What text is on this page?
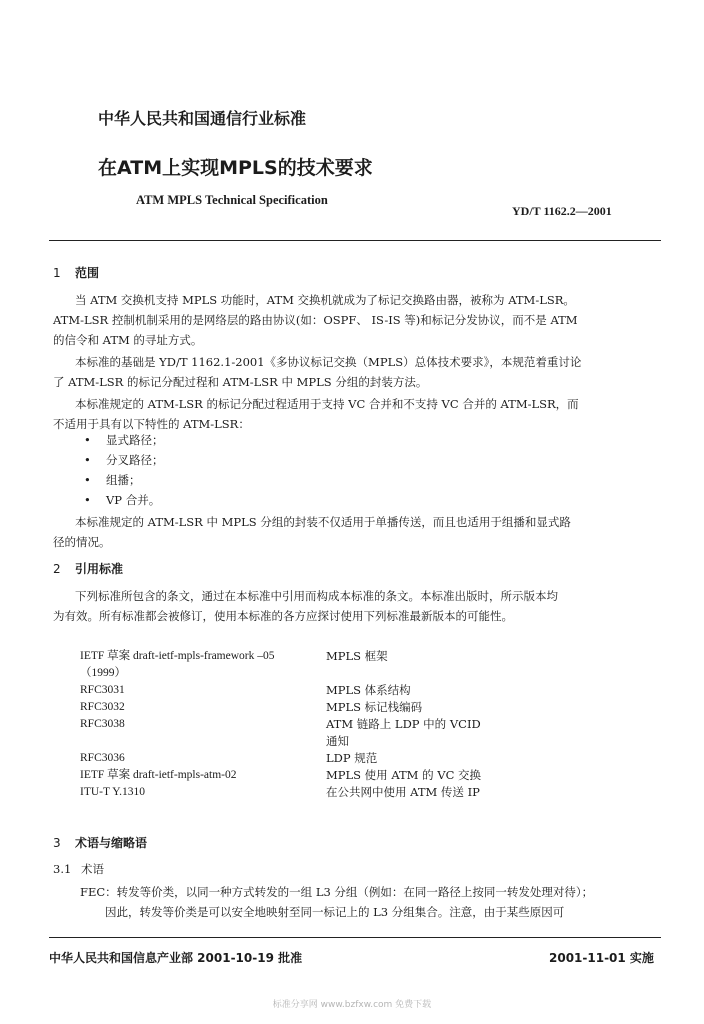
中华人民共和国通信行业标准
在ATM上实现MPLS的技术要求
ATM MPLS Technical Specification
YD/T 1162.2—2001
1 范围
当 ATM 交换机支持 MPLS 功能时，ATM 交换机就成为了标记交换路由器，被称为 ATM-LSR。
ATM-LSR 控制机制采用的是网络层的路由协议(如：OSPF、 IS-IS 等)和标记分发协议，而不是 ATM
的信令和 ATM 的寻址方式。
本标准的基础是 YD/T 1162.1-2001《多协议标记交换（MPLS）总体技术要求》，本规范着重讨论
了 ATM-LSR 的标记分配过程和 ATM-LSR 中 MPLS 分组的封装方法。
本标准规定的 ATM-LSR 的标记分配过程适用于支持 VC 合并和不支持 VC 合并的 ATM-LSR，而
不适用于具有以下特性的 ATM-LSR：
• 显式路径；
• 分叉路径；
• 组播；
• VP 合并。
本标准规定的 ATM-LSR 中 MPLS 分组的封装不仅适用于单播传送，而且也适用于组播和显式路
径的情况。
2 引用标准
下列标准所包含的条文，通过在本标准中引用而构成本标准的条文。本标准出版时，所示版本均
为有效。所有标准都会被修订，使用本标准的各方应探讨使用下列标准最新版本的可能性。
IETF 草案 draft-ietf-mpls-framework –05	MPLS 框架
（1999）	
RFC3031	MPLS 体系结构
RFC3032	MPLS 标记栈编码
RFC3038	ATM 链路上 LDP 中的 VCID
	通知
RFC3036	LDP 规范
IETF 草案 draft-ietf-mpls-atm-02	MPLS 使用 ATM 的 VC 交换
ITU-T Y.1310	在公共网中使用 ATM 传送 IP
3 术语与缩略语
3.1 术语
FEC：转发等价类，以同一种方式转发的一组 L3 分组（例如：在同一路径上按同一转发处理对待）；
因此，转发等价类是可以安全地映射至同一标记上的 L3 分组集合。注意，由于某些原因可
中华人民共和国信息产业部 2001-10-19 批准	2001-11-01 实施
标准分享网 www.bzfxw.com 免费下载
